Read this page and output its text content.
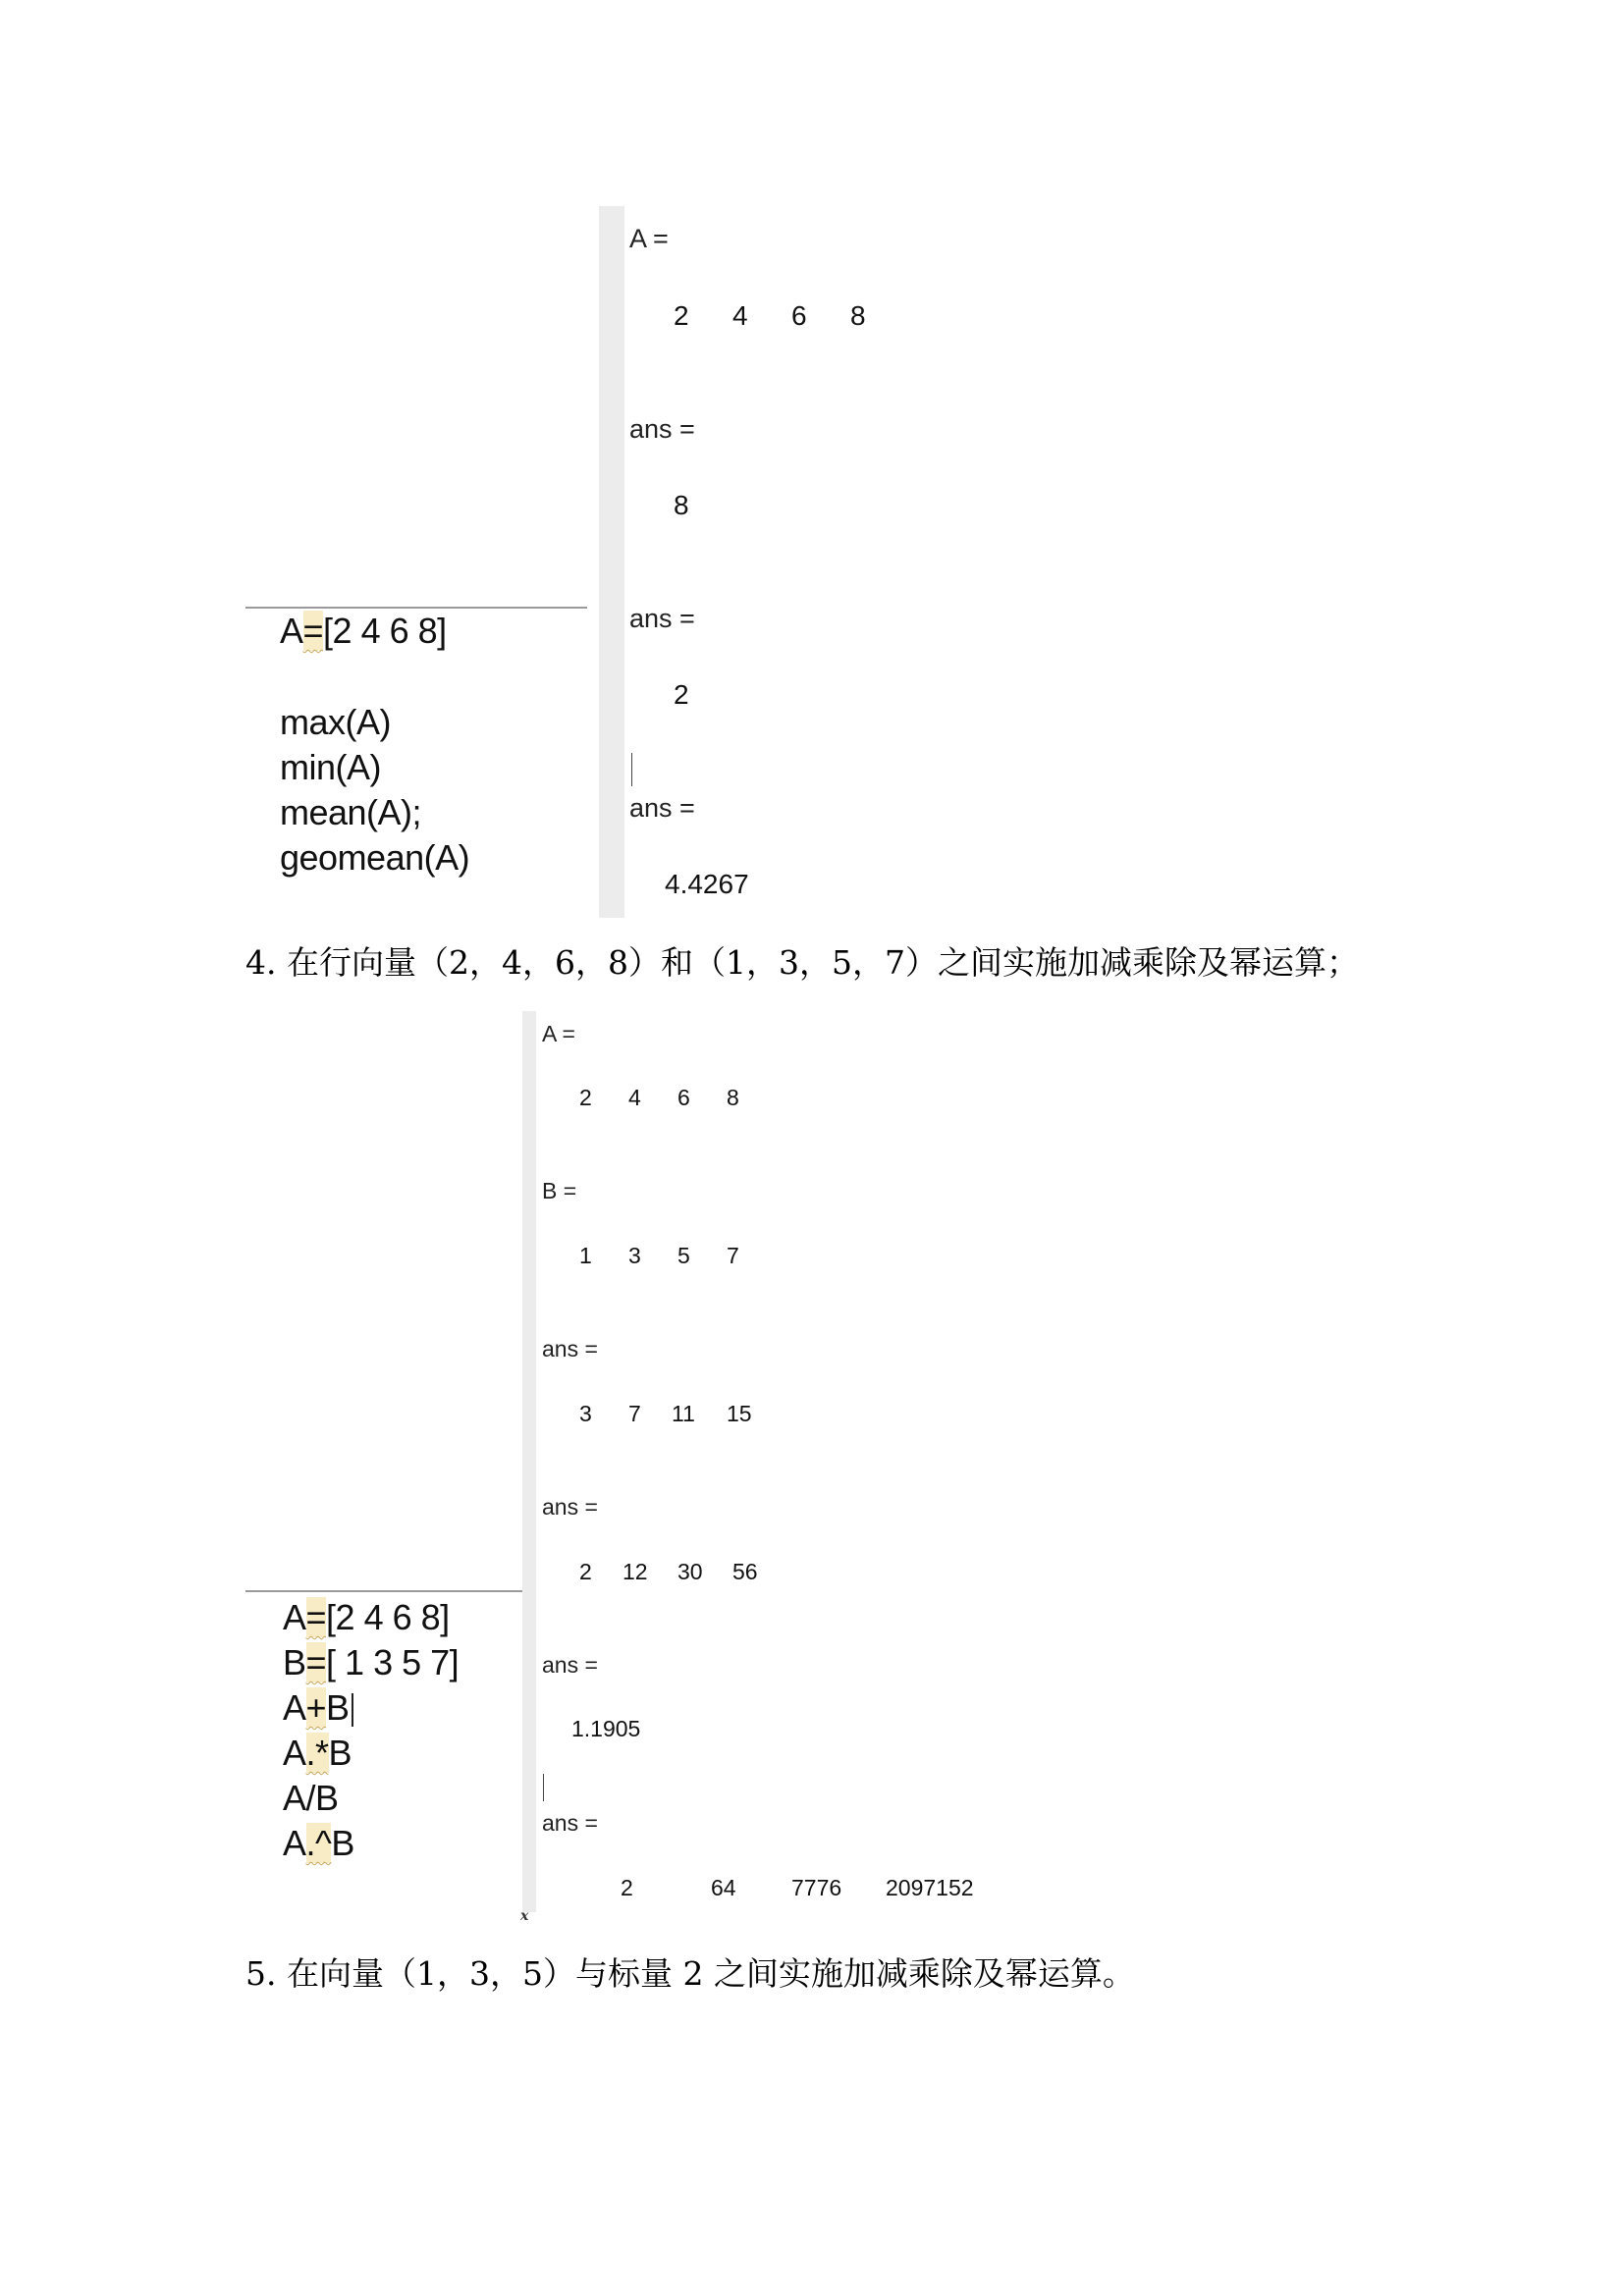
A=[2 4 6 8]
max(A)
min(A)
mean(A);
geomean(A)
A =
2 4 6 8
ans =
8
ans =
2
ans =
4.4267
4. 在行向量（2，4，6，8）和（1，3，5，7）之间实施加减乘除及幂运算；
A=[2 4 6 8]
B=[ 1 3 5 7]
A+B
A.*B
A/B
A.^B
A =
2 4 6 8
B =
1 3 5 7
ans =
3 7 11 15
ans =
2 12 30 56
ans =
1.1905
ans =
2	64 7776 2097152
x
5. 在向量（1，3，5）与标量 2 之间实施加减乘除及幂运算。
